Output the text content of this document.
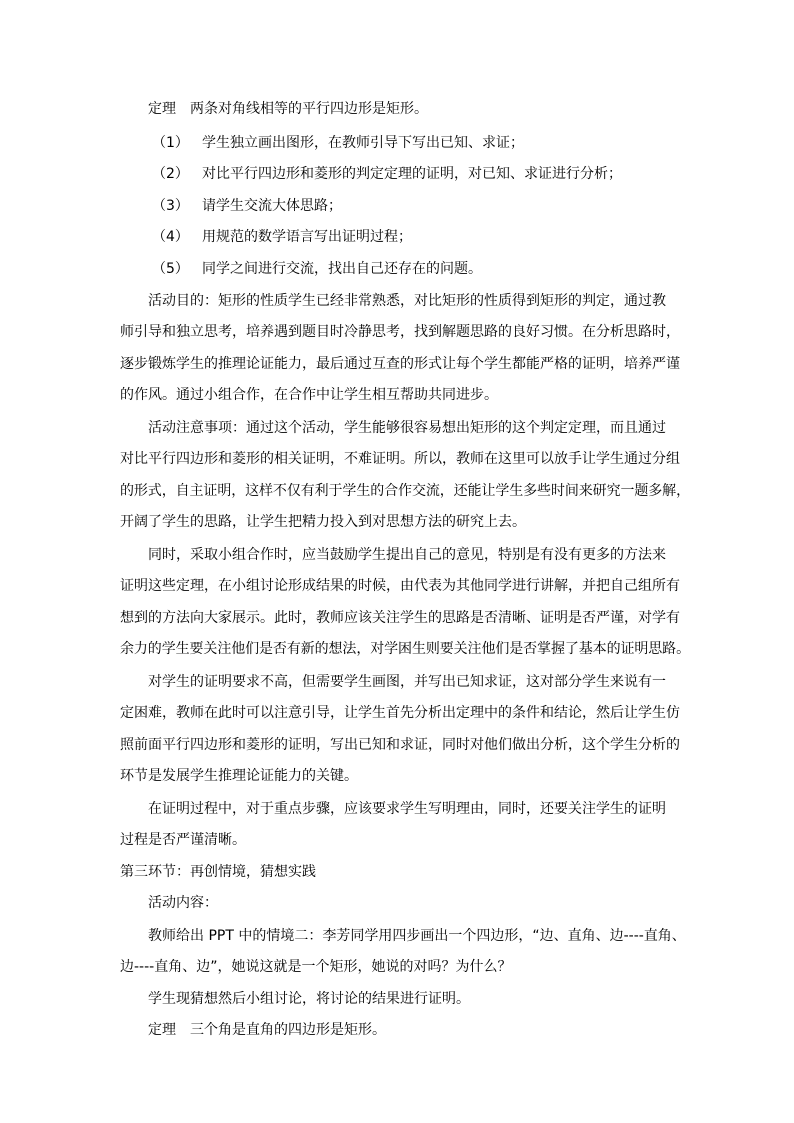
定理　两条对角线相等的平行四边形是矩形。
（1） 学生独立画出图形，在教师引导下写出已知、求证；
（2） 对比平行四边形和菱形的判定定理的证明，对已知、求证进行分析；
（3） 请学生交流大体思路；
（4） 用规范的数学语言写出证明过程；
（5） 同学之间进行交流，找出自己还存在的问题。
活动目的：矩形的性质学生已经非常熟悉，对比矩形的性质得到矩形的判定，通过教
师引导和独立思考，培养遇到题目时冷静思考，找到解题思路的良好习惯。在分析思路时，
逐步锻炼学生的推理论证能力，最后通过互查的形式让每个学生都能严格的证明，培养严谨
的作风。通过小组合作，在合作中让学生相互帮助共同进步。
活动注意事项：通过这个活动，学生能够很容易想出矩形的这个判定定理，而且通过
对比平行四边形和菱形的相关证明，不难证明。所以，教师在这里可以放手让学生通过分组
的形式，自主证明，这样不仅有利于学生的合作交流，还能让学生多些时间来研究一题多解，
开阔了学生的思路，让学生把精力投入到对思想方法的研究上去。
同时，采取小组合作时，应当鼓励学生提出自己的意见，特别是有没有更多的方法来
证明这些定理，在小组讨论形成结果的时候，由代表为其他同学进行讲解，并把自己组所有
想到的方法向大家展示。此时，教师应该关注学生的思路是否清晰、证明是否严谨，对学有
余力的学生要关注他们是否有新的想法，对学困生则要关注他们是否掌握了基本的证明思路。
对学生的证明要求不高，但需要学生画图，并写出已知求证，这对部分学生来说有一
定困难，教师在此时可以注意引导，让学生首先分析出定理中的条件和结论，然后让学生仿
照前面平行四边形和菱形的证明，写出已知和求证，同时对他们做出分析，这个学生分析的
环节是发展学生推理论证能力的关键。
在证明过程中，对于重点步骤，应该要求学生写明理由，同时，还要关注学生的证明
过程是否严谨清晰。
第三环节：再创情境，猜想实践
活动内容：
教师给出 PPT 中的情境二：李芳同学用四步画出一个四边形，“边、直角、边----直角、
边----直角、边”，她说这就是一个矩形，她说的对吗？为什么？
学生现猜想然后小组讨论，将讨论的结果进行证明。
定理　三个角是直角的四边形是矩形。
